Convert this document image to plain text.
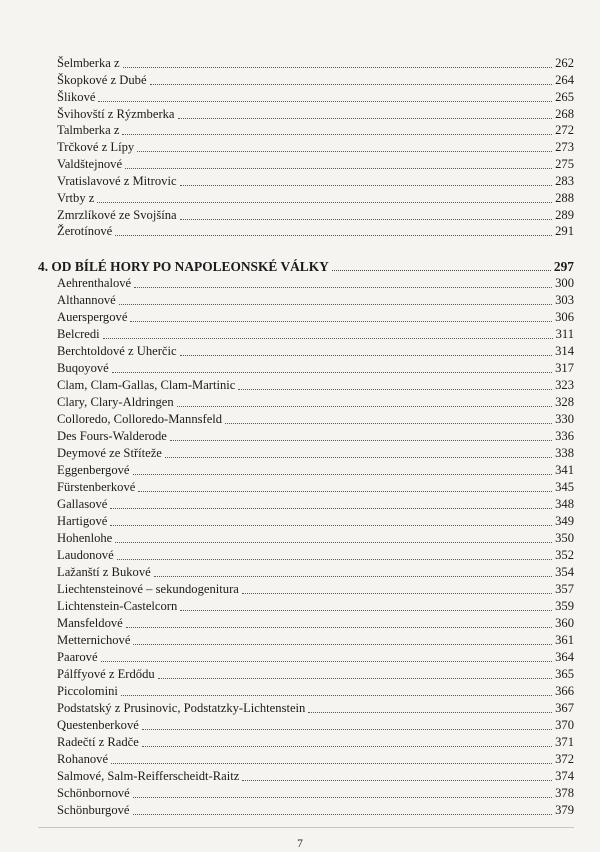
Šelmberka z	262
Škopkové z Dubé	264
Šlikové	265
Švihovští z Rýzmberka	268
Talmberka z	272
Trčkové z Lípy	273
Valdštejnové	275
Vratislavové z Mitrovic	283
Vrtby z	288
Zmrzlíkové ze Svojšína	289
Žerotínové	291
4. OD BÍLÉ HORY PO NAPOLEONSKÉ VÁLKY	297
Aehrenthalové	300
Althannové	303
Auerspergové	306
Belcredi	311
Berchtoldové z Uherčic	314
Buqoyové	317
Clam, Clam-Gallas, Clam-Martinic	323
Clary, Clary-Aldringen	328
Colloredo, Colloredo-Mannsfeld	330
Des Fours-Walderode	336
Deymové ze Stříteže	338
Eggenbergové	341
Fürstenberkové	345
Gallasové	348
Hartigové	349
Hohenlohe	350
Laudonové	352
Lažanští z Bukové	354
Liechtensteinové – sekundogenitura	357
Lichtenstein-Castelcorn	359
Mansfeldové	360
Metternichové	361
Paarové	364
Pálffyové z Erdődu	365
Piccolomini	366
Podstatský z Prusinovic, Podstatzky-Lichtenstein	367
Questenberkové	370
Radečtí z Radče	371
Rohanové	372
Salmové, Salm-Reifferscheidt-Raitz	374
Schönbornové	378
Schönburgové	379
7
